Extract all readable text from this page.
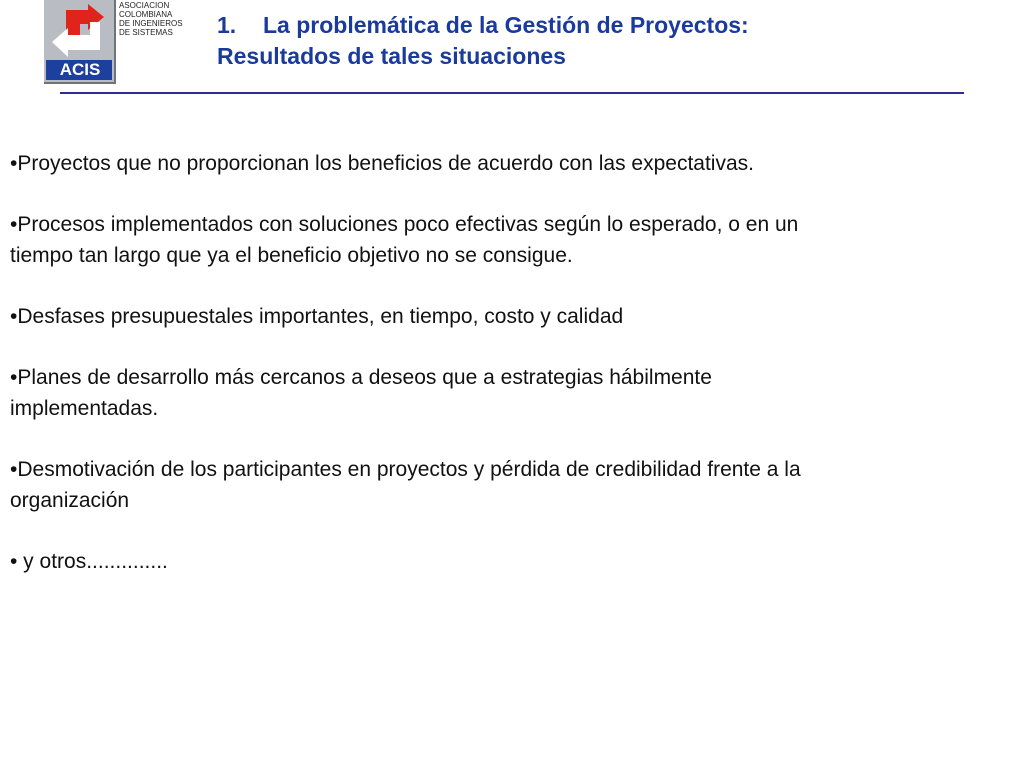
ACIS
ASOCIACION
COLOMBIANA
DE INGENIEROS
DE SISTEMAS	1. La problemática de la Gestión de Proyectos:
Resultados de tales situaciones
•Proyectos que no proporcionan los beneficios de acuerdo con las expectativas.
•Procesos implementados con soluciones poco efectivas según lo esperado, o en un tiempo tan largo que ya el beneficio objetivo no se consigue.
•Desfases presupuestales importantes, en tiempo, costo y calidad
•Planes de desarrollo más cercanos a deseos que a estrategias hábilmente implementadas.
•Desmotivación de los participantes en proyectos y pérdida de credibilidad frente a la organización
• y otros..............
